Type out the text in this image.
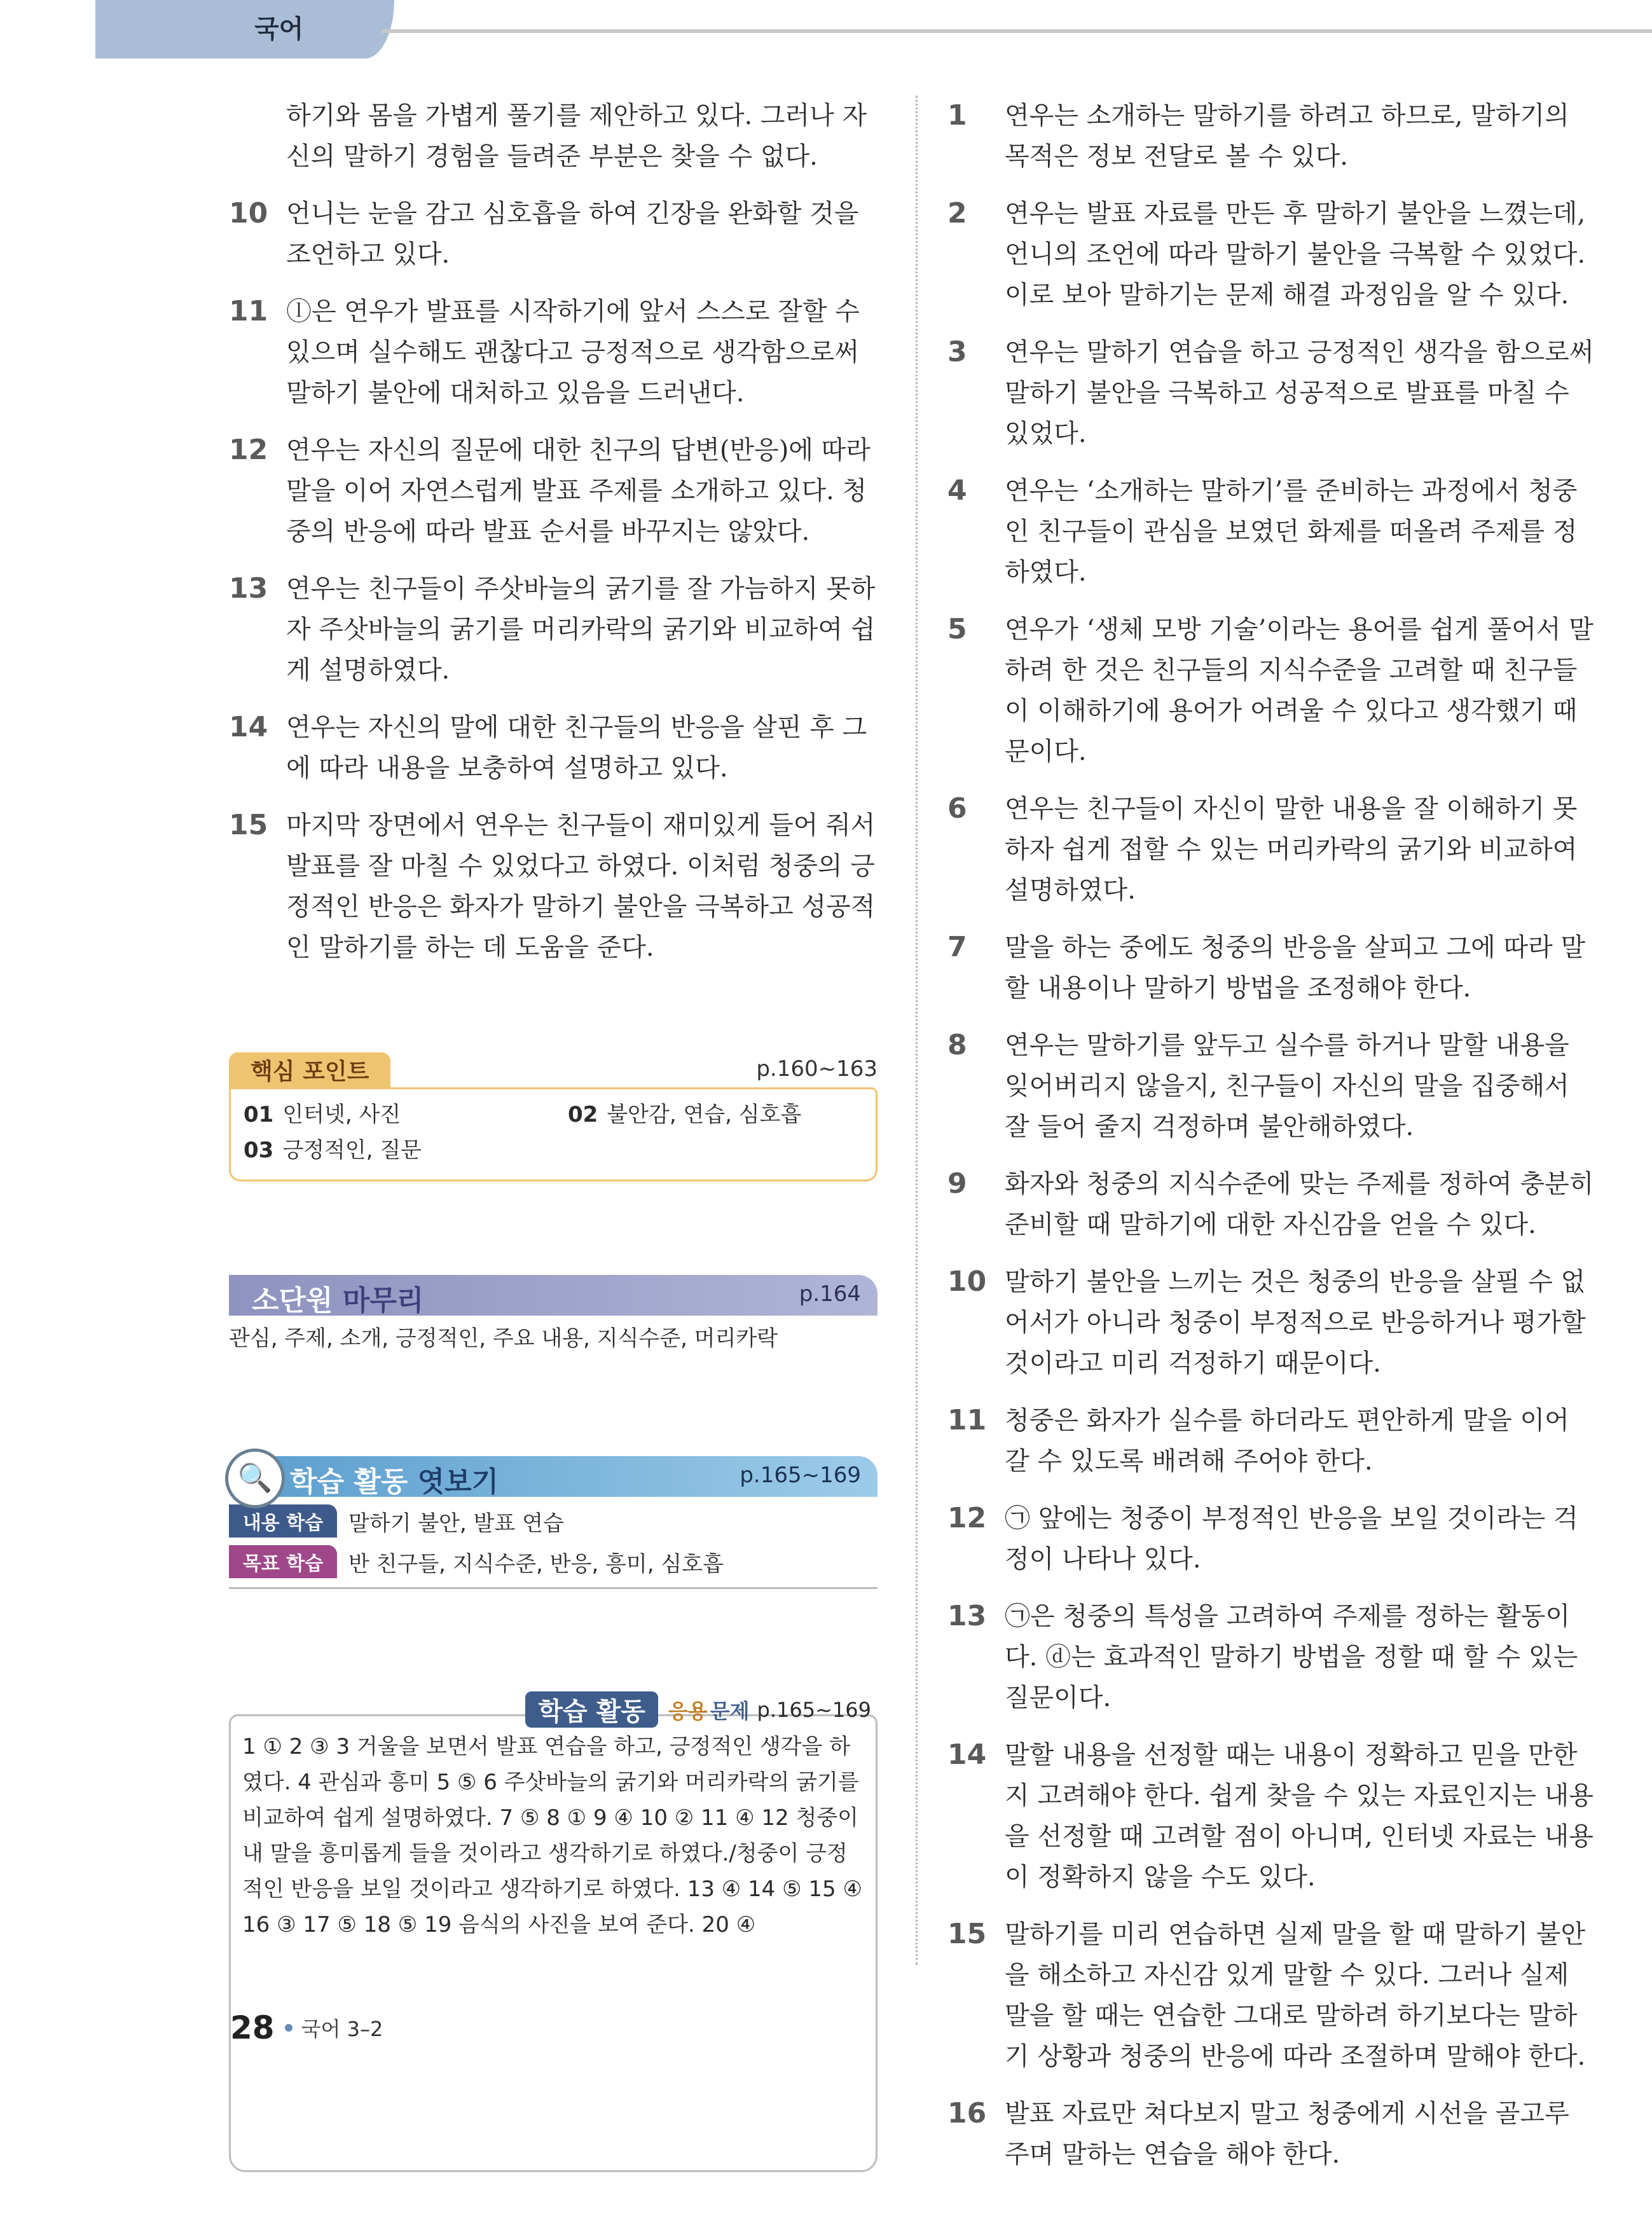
국어
하기와 몸을 가볍게 풀기를 제안하고 있다. 그러나 자신의 말하기 경험을 들려준 부분은 찾을 수 없다.
10 언니는 눈을 감고 심호흡을 하여 긴장을 완화할 것을 조언하고 있다.
11 ⓛ은 연우가 발표를 시작하기에 앞서 스스로 잘할 수 있으며 실수해도 괜찮다고 긍정적으로 생각함으로써 말하기 불안에 대처하고 있음을 드러낸다.
12 연우는 자신의 질문에 대한 친구의 답변(반응)에 따라 말을 이어 자연스럽게 발표 주제를 소개하고 있다. 청중의 반응에 따라 발표 순서를 바꾸지는 않았다.
13 연우는 친구들이 주삿바늘의 굵기를 잘 가늠하지 못하자 주삿바늘의 굵기를 머리카락의 굵기와 비교하여 쉽게 설명하였다.
14 연우는 자신의 말에 대한 친구들의 반응을 살핀 후 그에 따라 내용을 보충하여 설명하고 있다.
15 마지막 장면에서 연우는 친구들이 재미있게 들어 줘서 발표를 잘 마칠 수 있었다고 하였다. 이처럼 청중의 긍정적인 반응은 화자가 말하기 불안을 극복하고 성공적인 말하기를 하는 데 도움을 준다.
핵심 포인트	p.160~163
01 인터넷, 사진	02 불안감, 연습, 심호흡
03 긍정적인, 질문
소단원 마무리	p.164
관심, 주제, 소개, 긍정적인, 주요 내용, 지식수준, 머리카락
🔍 학습 활동 엿보기	p.165~169
내용 학습	말하기 불안, 발표 연습
목표 학습	반 친구들, 지식수준, 반응, 흥미, 심호흡
1 ① 2 ③ 3 거울을 보면서 발표 연습을 하고, 긍정적인 생각을 하였다. 4 관심과 흥미 5 ⑤ 6 주삿바늘의 굵기와 머리카락의 굵기를 비교하여 쉽게 설명하였다. 7 ⑤ 8 ① 9 ④ 10 ② 11 ④ 12 청중이 내 말을 흥미롭게 들을 것이라고 생각하기로 하였다./청중이 긍정적인 반응을 보일 것이라고 생각하기로 하였다. 13 ④ 14 ⑤ 15 ④ 16 ③ 17 ⑤ 18 ⑤ 19 음식의 사진을 보여 준다. 20 ④
학습 활동	응용 문제 p.165~169
1 연우는 소개하는 말하기를 하려고 하므로, 말하기의 목적은 정보 전달로 볼 수 있다.
2 연우는 발표 자료를 만든 후 말하기 불안을 느꼈는데, 언니의 조언에 따라 말하기 불안을 극복할 수 있었다. 이로 보아 말하기는 문제 해결 과정임을 알 수 있다.
3 연우는 말하기 연습을 하고 긍정적인 생각을 함으로써 말하기 불안을 극복하고 성공적으로 발표를 마칠 수 있었다.
4 연우는 ‘소개하는 말하기’를 준비하는 과정에서 청중인 친구들이 관심을 보였던 화제를 떠올려 주제를 정하였다.
5 연우가 ‘생체 모방 기술’이라는 용어를 쉽게 풀어서 말하려 한 것은 친구들의 지식수준을 고려할 때 친구들이 이해하기에 용어가 어려울 수 있다고 생각했기 때문이다.
6 연우는 친구들이 자신이 말한 내용을 잘 이해하기 못하자 쉽게 접할 수 있는 머리카락의 굵기와 비교하여 설명하였다.
7 말을 하는 중에도 청중의 반응을 살피고 그에 따라 말할 내용이나 말하기 방법을 조정해야 한다.
8 연우는 말하기를 앞두고 실수를 하거나 말할 내용을 잊어버리지 않을지, 친구들이 자신의 말을 집중해서 잘 들어 줄지 걱정하며 불안해하였다.
9 화자와 청중의 지식수준에 맞는 주제를 정하여 충분히 준비할 때 말하기에 대한 자신감을 얻을 수 있다.
10 말하기 불안을 느끼는 것은 청중의 반응을 살필 수 없어서가 아니라 청중이 부정적으로 반응하거나 평가할 것이라고 미리 걱정하기 때문이다.
11 청중은 화자가 실수를 하더라도 편안하게 말을 이어 갈 수 있도록 배려해 주어야 한다.
12 ㉠ 앞에는 청중이 부정적인 반응을 보일 것이라는 걱정이 나타나 있다.
13 ㉠은 청중의 특성을 고려하여 주제를 정하는 활동이다. ⓓ는 효과적인 말하기 방법을 정할 때 할 수 있는 질문이다.
14 말할 내용을 선정할 때는 내용이 정확하고 믿을 만한지 고려해야 한다. 쉽게 찾을 수 있는 자료인지는 내용을 선정할 때 고려할 점이 아니며, 인터넷 자료는 내용이 정확하지 않을 수도 있다.
15 말하기를 미리 연습하면 실제 말을 할 때 말하기 불안을 해소하고 자신감 있게 말할 수 있다. 그러나 실제 말을 할 때는 연습한 그대로 말하려 하기보다는 말하기 상황과 청중의 반응에 따라 조절하며 말해야 한다.
16 발표 자료만 쳐다보지 말고 청중에게 시선을 골고루 주며 말하는 연습을 해야 한다.
28 국어 3–2
